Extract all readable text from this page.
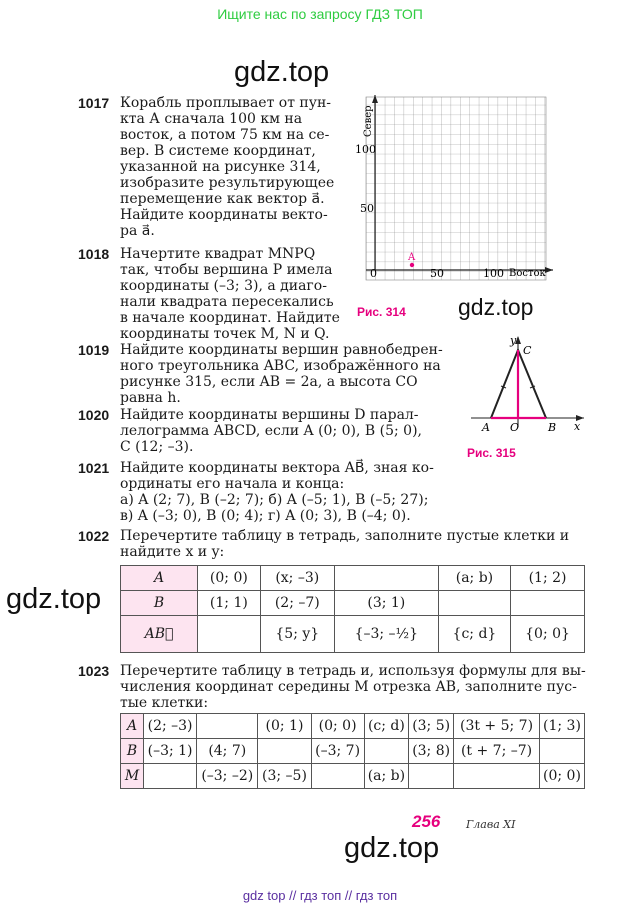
Ищите нас по запросу ГДЗ ТОП
gdz.top
1017 Корабль проплывает от пун-

кта А сначала 100 км на

восток, а потом 75 км на се-

вер. В системе координат,

указанной на рисунке 314,

изобразите результирующее

перемещение как вектор a⃗.

Найдите координаты векто-

ра a⃗.

Север
100
50
0	50	100 Восток
A
Рис. 314 gdz.top
1018 Начертите квадрат MNPQ

так, чтобы вершина P имела

координаты (–3; 3), а диаго-

нали квадрата пересекались

в начале координат. Найдите

координаты точек M, N и Q.

1019 Найдите координаты вершин равнобедрен-

ного треугольника ABC, изображённого на

рисунке 315, если AB = 2a, а высота CO

равна h.

y
C
A O	B x
Рис. 315
1020 Найдите координаты вершины D парал-

лелограмма ABCD, если A (0; 0), B (5; 0),

C (12; –3).

1021 Найдите координаты вектора AB⃗, зная ко-

ординаты его начала и конца:

а) A (2; 7), B (–2; 7); б) A (–5; 1), B (–5; 27);

в) A (–3; 0), B (0; 4); г) A (0; 3), B (–4; 0).

1022 Перечертите таблицу в тетрадь, заполните пустые клетки и

найдите x и y:

A	(0; 0)	(x; –3)		(a; b)	(1; 2)
B	(1; 1)	(2; –7)	(3; 1)		
AB⃗		{5; y}	{–3; –½}	{c; d}	{0; 0}
gdz.top
1023 Перечертите таблицу в тетрадь и, используя формулы для вы-

числения координат середины M отрезка AB, заполните пус-

тые клетки:

A	(2; –3)		(0; 1)	(0; 0)	(c; d)	(3; 5)	(3t + 5; 7)	(1; 3)
B	(–3; 1)	(4; 7)		(–3; 7)		(3; 8)	(t + 7; –7)	
M		(–3; –2)	(3; –5)		(a; b)			(0; 0)
256 Глава XI
gdz.top
gdz top // гдз топ // гдз топ
